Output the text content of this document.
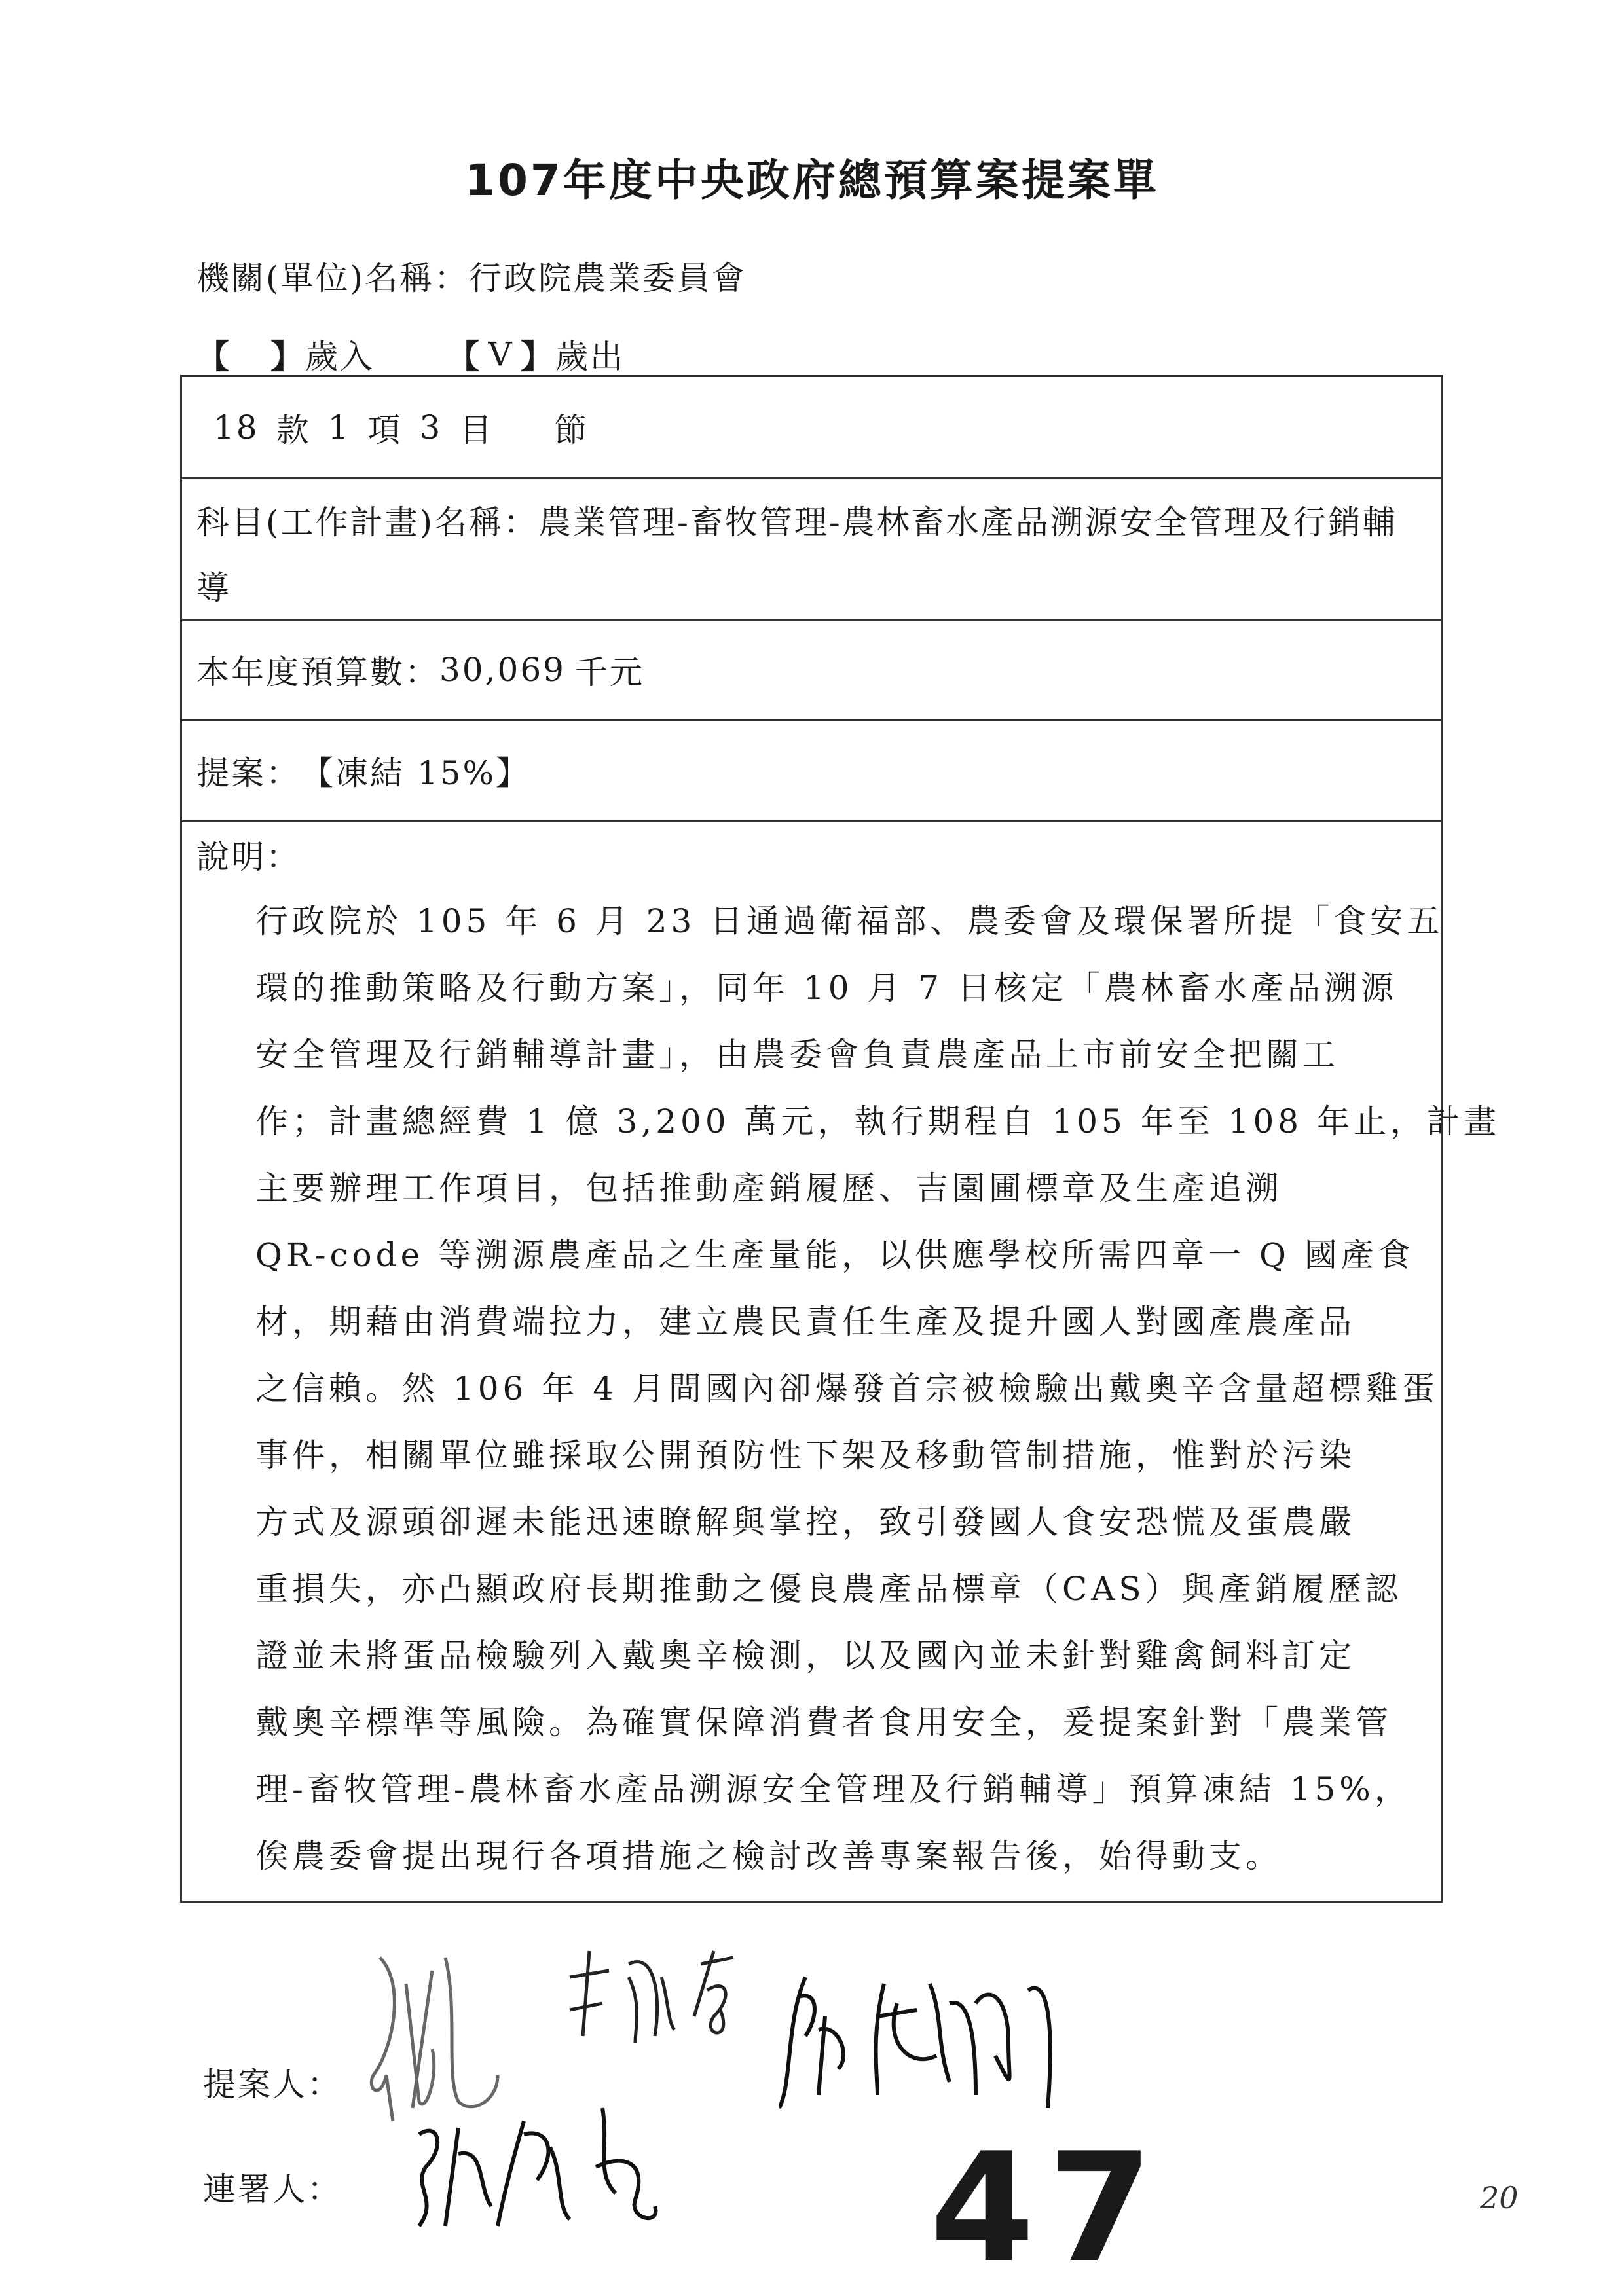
107年度中央政府總預算案提案單
機關(單位)名稱：行政院農業委員會
【 】 歲入 【 V 】 歲出
18 款 1 項 3 目 節
科目(工作計畫)名稱：農業管理-畜牧管理-農林畜水產品溯源安全管理及行銷輔導
本年度預算數： 30,069 千元
提案： 【凍結 15%】
說明：
行政院於 105 年 6 月 23 日通過衛福部、農委會及環保署所提「食安五
環的推動策略及行動方案」，同年 10 月 7 日核定「農林畜水產品溯源
安全管理及行銷輔導計畫」，由農委會負責農產品上市前安全把關工
作；計畫總經費 1 億 3,200 萬元，執行期程自 105 年至 108 年止，計畫
主要辦理工作項目，包括推動產銷履歷、吉園圃標章及生產追溯
QR-code 等溯源農產品之生產量能，以供應學校所需四章一 Q 國產食
材，期藉由消費端拉力，建立農民責任生產及提升國人對國產農產品
之信賴。然 106 年 4 月間國內卻爆發首宗被檢驗出戴奧辛含量超標雞蛋
事件，相關單位雖採取公開預防性下架及移動管制措施，惟對於污染
方式及源頭卻遲未能迅速瞭解與掌控，致引發國人食安恐慌及蛋農嚴
重損失，亦凸顯政府長期推動之優良農產品標章（CAS）與產銷履歷認
證並未將蛋品檢驗列入戴奧辛檢測，以及國內並未針對雞禽飼料訂定
戴奧辛標準等風險。為確實保障消費者食用安全，爰提案針對「農業管
理-畜牧管理-農林畜水產品溯源安全管理及行銷輔導」預算凍結 15%，
俟農委會提出現行各項措施之檢討改善專案報告後，始得動支。
提案人：
連署人：	47	20
